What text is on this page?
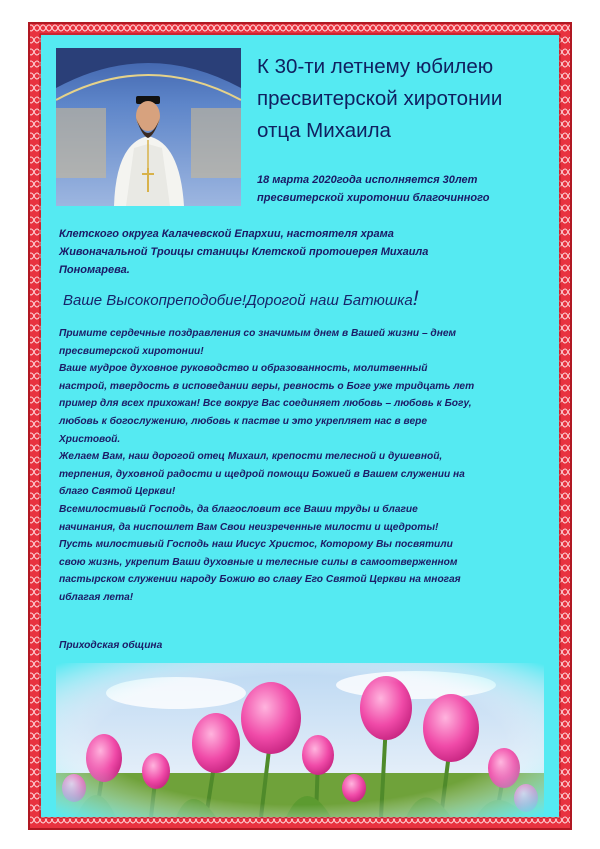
К 30-ти летнему юбилею
пресвитерской хиротонии
отца Михаила
18 марта 2020года исполняется 30лет
пресвитерской хиротонии благочинного
Клетского округа Калачевской Епархии, настоятеля храма
Живоначальной Троицы станицы Клетской протоиерея Михаила
Пономарева.
Ваше Высокопреподобие!Дорогой наш Батюшка!
Примите сердечные поздравления со значимым днем в Вашей жизни – днем
пресвитерской хиротонии!
Ваше мудрое духовное руководство и образованность, молитвенный
настрой, твердость в исповедании веры, ревность о Боге уже тридцать лет
пример для всех прихожан! Все вокруг Вас соединяет любовь – любовь к Богу,
любовь к богослужению, любовь к пастве и это укрепляет нас в вере
Христовой.
Желаем Вам, наш дорогой отец Михаил, крепости телесной и душевной,
терпения, духовной радости и щедрой помощи Божией в Вашем служении на
благо Святой Церкви!
Всемилостивый Господь, да благословит все Ваши труды и благие
начинания, да ниспошлет Вам Свои неизреченные милости и щедроты!
Пусть милостивый Господь наш Иисус Христос, Которому Вы посвятили
свою жизнь, укрепит Ваши духовные и телесные силы в самоотверженном
пастырском служении народу Божию во славу Его Святой Церкви на многая
иблагая лета!
Приходская община
